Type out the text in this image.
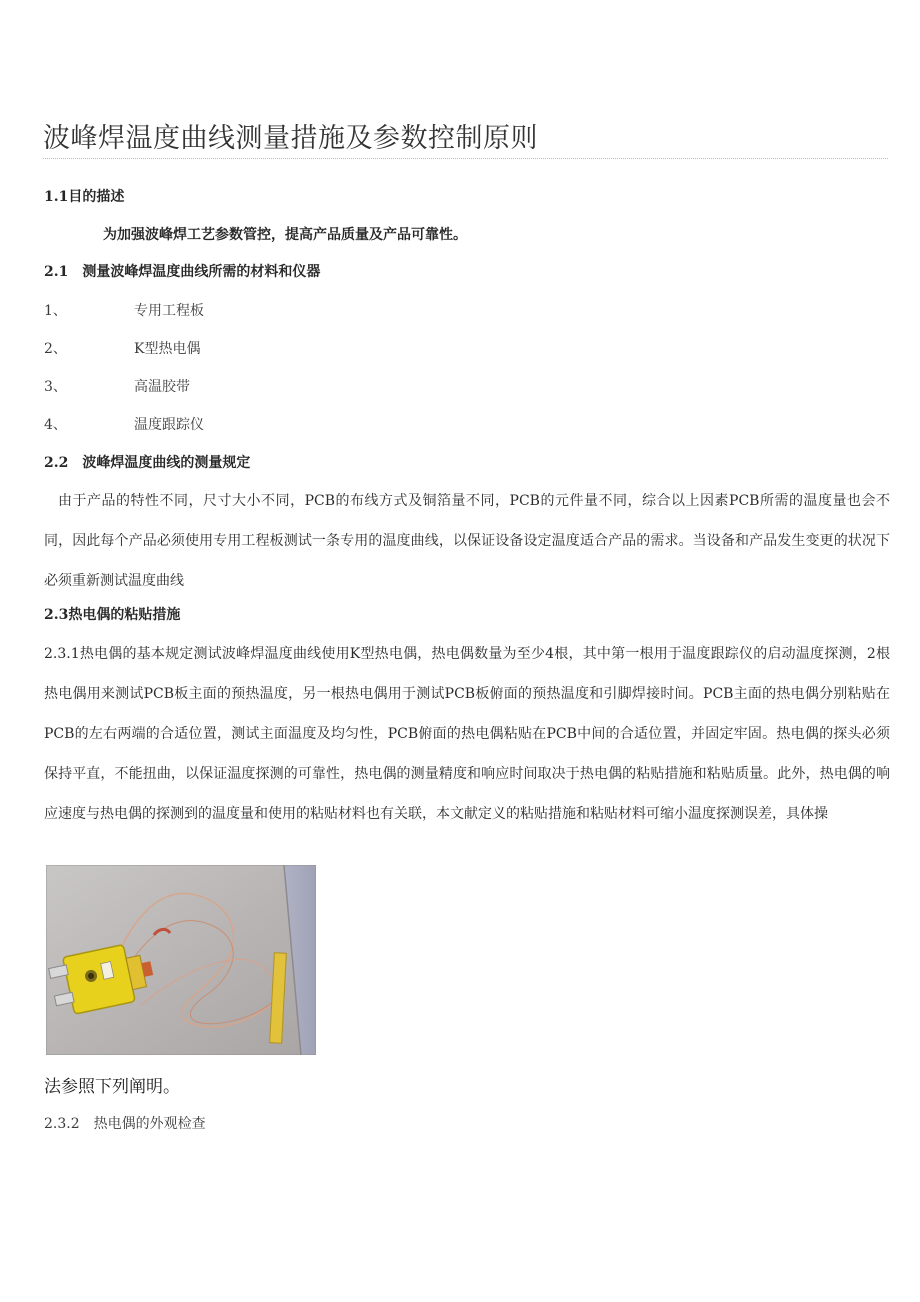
波峰焊温度曲线测量措施及参数控制原则
1.1目的描述
为加强波峰焊工艺参数管控，提高产品质量及产品可靠性。
2.1　测量波峰焊温度曲线所需的材料和仪器
1、	专用工程板
2、	K型热电偶
3、	高温胶带
4、	温度跟踪仪
2.2　波峰焊温度曲线的测量规定
由于产品的特性不同，尺寸大小不同，PCB的布线方式及铜箔量不同，PCB的元件量不同，综合以上因素PCB所需的温度量也会不同，因此每个产品必须使用专用工程板测试一条专用的温度曲线，以保证设备设定温度适合产品的需求。当设备和产品发生变更的状况下必须重新测试温度曲线
2.3热电偶的粘贴措施
2.3.1热电偶的基本规定测试波峰焊温度曲线使用K型热电偶，热电偶数量为至少4根，其中第一根用于温度跟踪仪的启动温度探测，2根热电偶用来测试PCB板主面的预热温度，另一根热电偶用于测试PCB板俯面的预热温度和引脚焊接时间。PCB主面的热电偶分别粘贴在PCB的左右两端的合适位置，测试主面温度及均匀性，PCB俯面的热电偶粘贴在PCB中间的合适位置，并固定牢固。热电偶的探头必须保持平直，不能扭曲，以保证温度探测的可靠性，热电偶的测量精度和响应时间取决于热电偶的粘贴措施和粘贴质量。此外，热电偶的响应速度与热电偶的探测到的温度量和使用的粘贴材料也有关联，本文献定义的粘贴措施和粘贴材料可缩小温度探测误差，具体操
法参照下列阐明。
2.3.2　热电偶的外观检查
